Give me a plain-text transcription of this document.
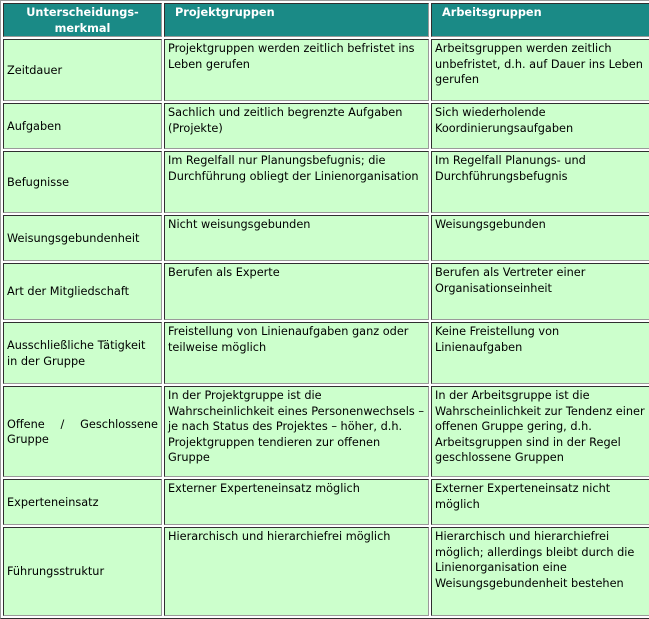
Unterscheidungs-
merkmal	Projektgruppen	Arbeitsgruppen
Zeitdauer	Projektgruppen werden zeitlich befristet ins Leben gerufen	Arbeitsgruppen werden zeitlich unbefristet, d.h. auf Dauer ins Leben gerufen
Aufgaben	Sachlich und zeitlich begrenzte Aufgaben (Projekte)	Sich wiederholende Koordinierungsaufgaben
Befugnisse	Im Regelfall nur Planungsbefugnis; die Durchführung obliegt der Linienorganisation	Im Regelfall Planungs- und Durchführungsbefugnis
Weisungsgebundenheit	Nicht weisungsgebunden	Weisungsgebunden
Art der Mitgliedschaft	Berufen als Experte	Berufen als Vertreter einer Organisationseinheit
Ausschließliche Tätigkeit in der Gruppe	Freistellung von Linienaufgaben ganz oder teilweise möglich	Keine Freistellung von Linienaufgaben
Offene / Geschlossene Gruppe	In der Projektgruppe ist die Wahrscheinlichkeit eines Personenwechsels – je nach Status des Projektes – höher, d.h. Projektgruppen tendieren zur offenen Gruppe	In der Arbeitsgruppe ist die Wahrscheinlichkeit zur Tendenz einer offenen Gruppe gering, d.h. Arbeitsgruppen sind in der Regel geschlossene Gruppen
Experteneinsatz	Externer Experteneinsatz möglich	Externer Experteneinsatz nicht möglich
Führungsstruktur	Hierarchisch und hierarchiefrei möglich	Hierarchisch und hierarchiefrei möglich; allerdings bleibt durch die Linienorganisation eine Weisungsgebundenheit bestehen
